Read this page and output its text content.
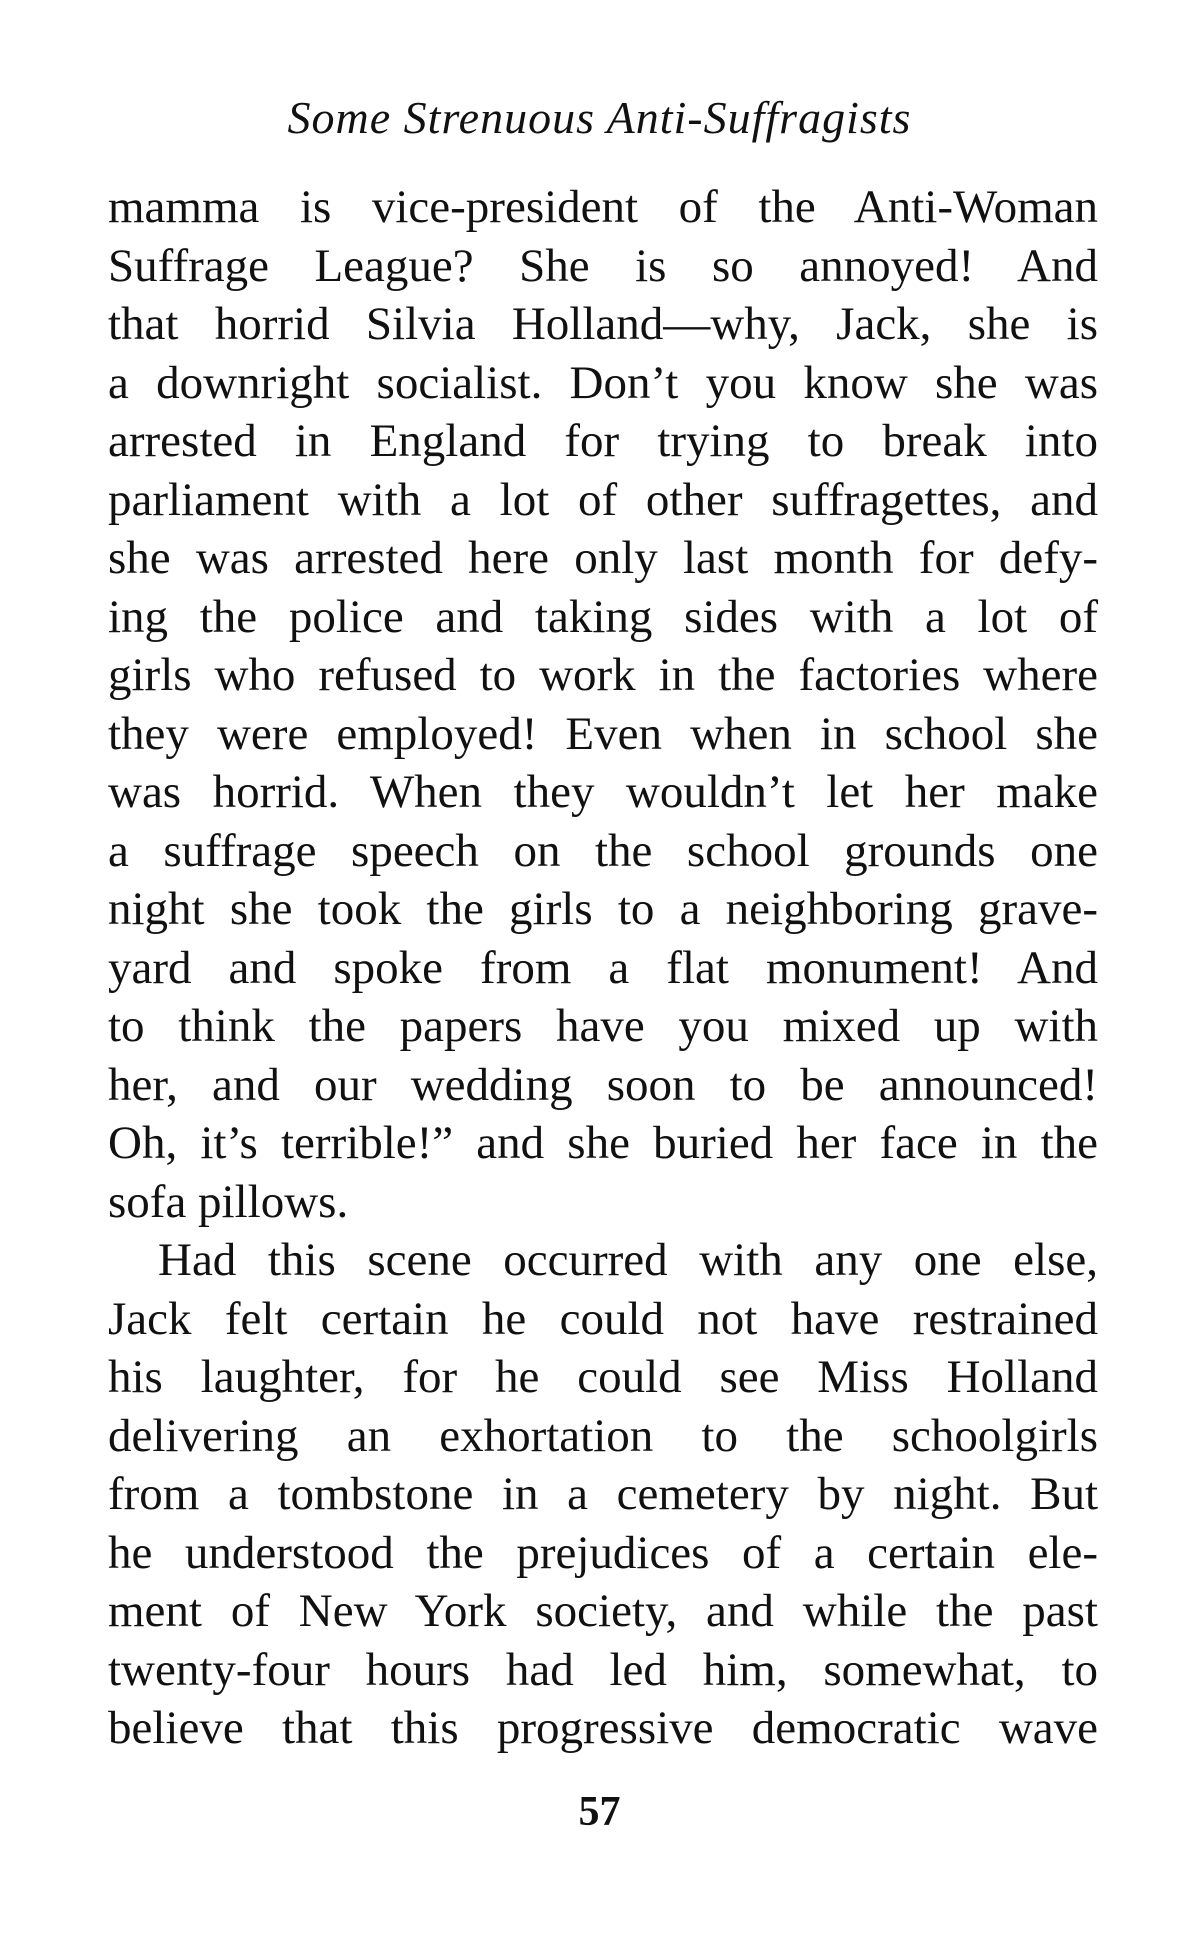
Some Strenuous Anti-Suffragists
mamma is vice-president of the Anti-Woman
Suffrage League? She is so annoyed! And
that horrid Silvia Holland—why, Jack, she is
a downright socialist. Don’t you know she was
arrested in England for trying to break into
parliament with a lot of other suffragettes, and
she was arrested here only last month for defy-
ing the police and taking sides with a lot of
girls who refused to work in the factories where
they were employed! Even when in school she
was horrid. When they wouldn’t let her make
a suffrage speech on the school grounds one
night she took the girls to a neighboring grave-
yard and spoke from a flat monument! And
to think the papers have you mixed up with
her, and our wedding soon to be announced!
Oh, it’s terrible!” and she buried her face in the
sofa pillows.
Had this scene occurred with any one else,
Jack felt certain he could not have restrained
his laughter, for he could see Miss Holland
delivering an exhortation to the schoolgirls
from a tombstone in a cemetery by night. But
he understood the prejudices of a certain ele-
ment of New York society, and while the past
twenty-four hours had led him, somewhat, to
believe that this progressive democratic wave
57
